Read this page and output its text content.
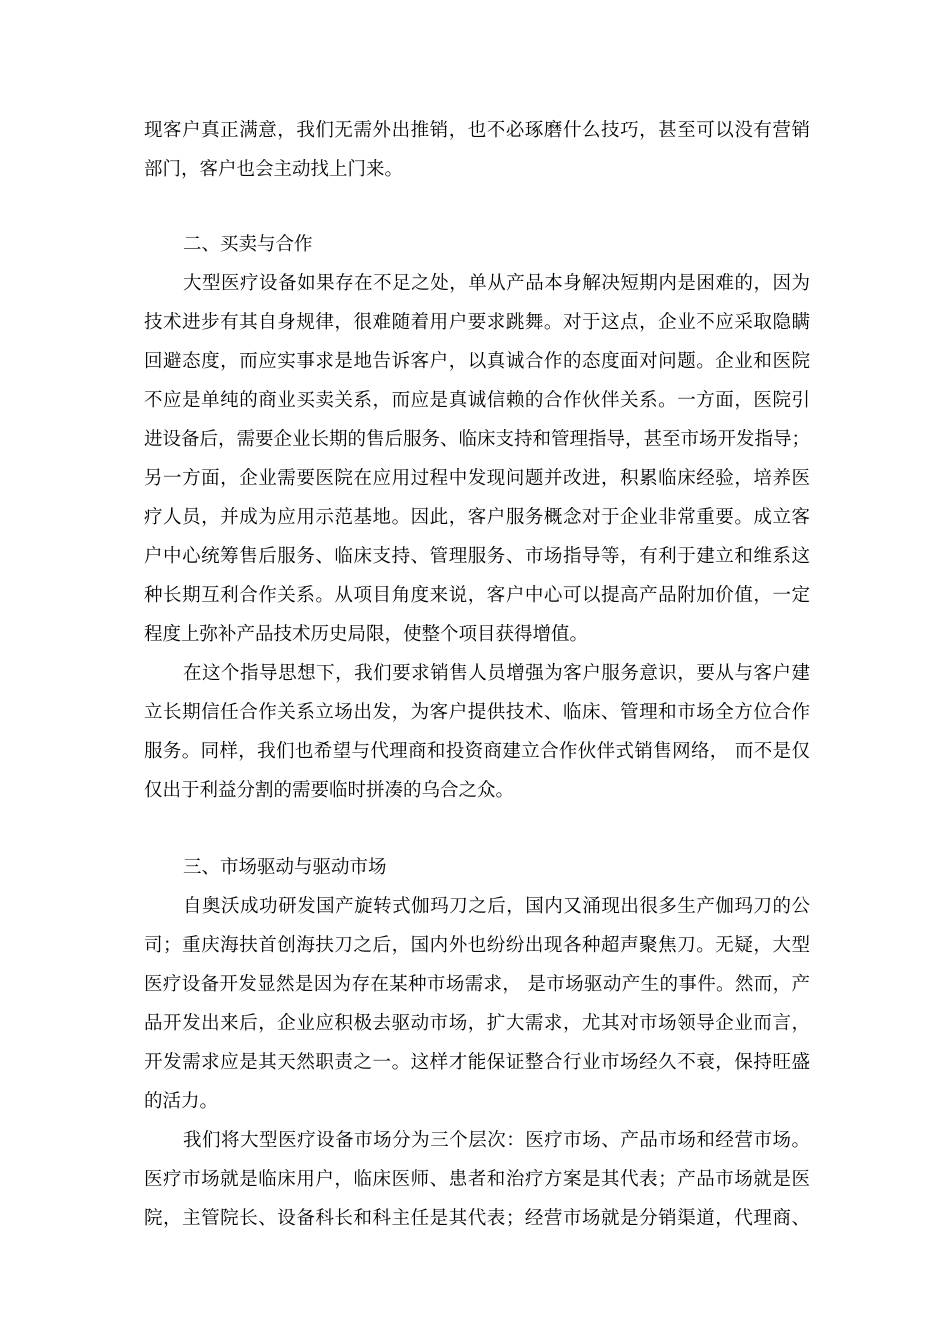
现客户真正满意，我们无需外出推销，也不必琢磨什么技巧，甚至可以没有营销
部门，客户也会主动找上门来。
二、买卖与合作
大型医疗设备如果存在不足之处，单从产品本身解决短期内是困难的，因为
技术进步有其自身规律，很难随着用户要求跳舞。对于这点，企业不应采取隐瞒
回避态度，而应实事求是地告诉客户，以真诚合作的态度面对问题。企业和医院
不应是单纯的商业买卖关系，而应是真诚信赖的合作伙伴关系。一方面，医院引
进设备后，需要企业长期的售后服务、临床支持和管理指导，甚至市场开发指导；
另一方面，企业需要医院在应用过程中发现问题并改进，积累临床经验，培养医
疗人员，并成为应用示范基地。因此，客户服务概念对于企业非常重要。成立客
户中心统筹售后服务、临床支持、管理服务、市场指导等，有利于建立和维系这
种长期互利合作关系。从项目角度来说，客户中心可以提高产品附加价值，一定
程度上弥补产品技术历史局限，使整个项目获得增值。
在这个指导思想下，我们要求销售人员增强为客户服务意识，要从与客户建
立长期信任合作关系立场出发，为客户提供技术、临床、管理和市场全方位合作
服务。同样，我们也希望与代理商和投资商建立合作伙伴式销售网络， 而不是仅
仅出于利益分割的需要临时拼凑的乌合之众。
三、市场驱动与驱动市场
自奥沃成功研发国产旋转式伽玛刀之后，国内又涌现出很多生产伽玛刀的公
司；重庆海扶首创海扶刀之后，国内外也纷纷出现各种超声聚焦刀。无疑，大型
医疗设备开发显然是因为存在某种市场需求， 是市场驱动产生的事件。然而，产
品开发出来后，企业应积极去驱动市场，扩大需求，尤其对市场领导企业而言，
开发需求应是其天然职责之一。这样才能保证整合行业市场经久不衰，保持旺盛
的活力。
我们将大型医疗设备市场分为三个层次：医疗市场、产品市场和经营市场。
医疗市场就是临床用户，临床医师、患者和治疗方案是其代表；产品市场就是医
院，主管院长、设备科长和科主任是其代表；经营市场就是分销渠道，代理商、
